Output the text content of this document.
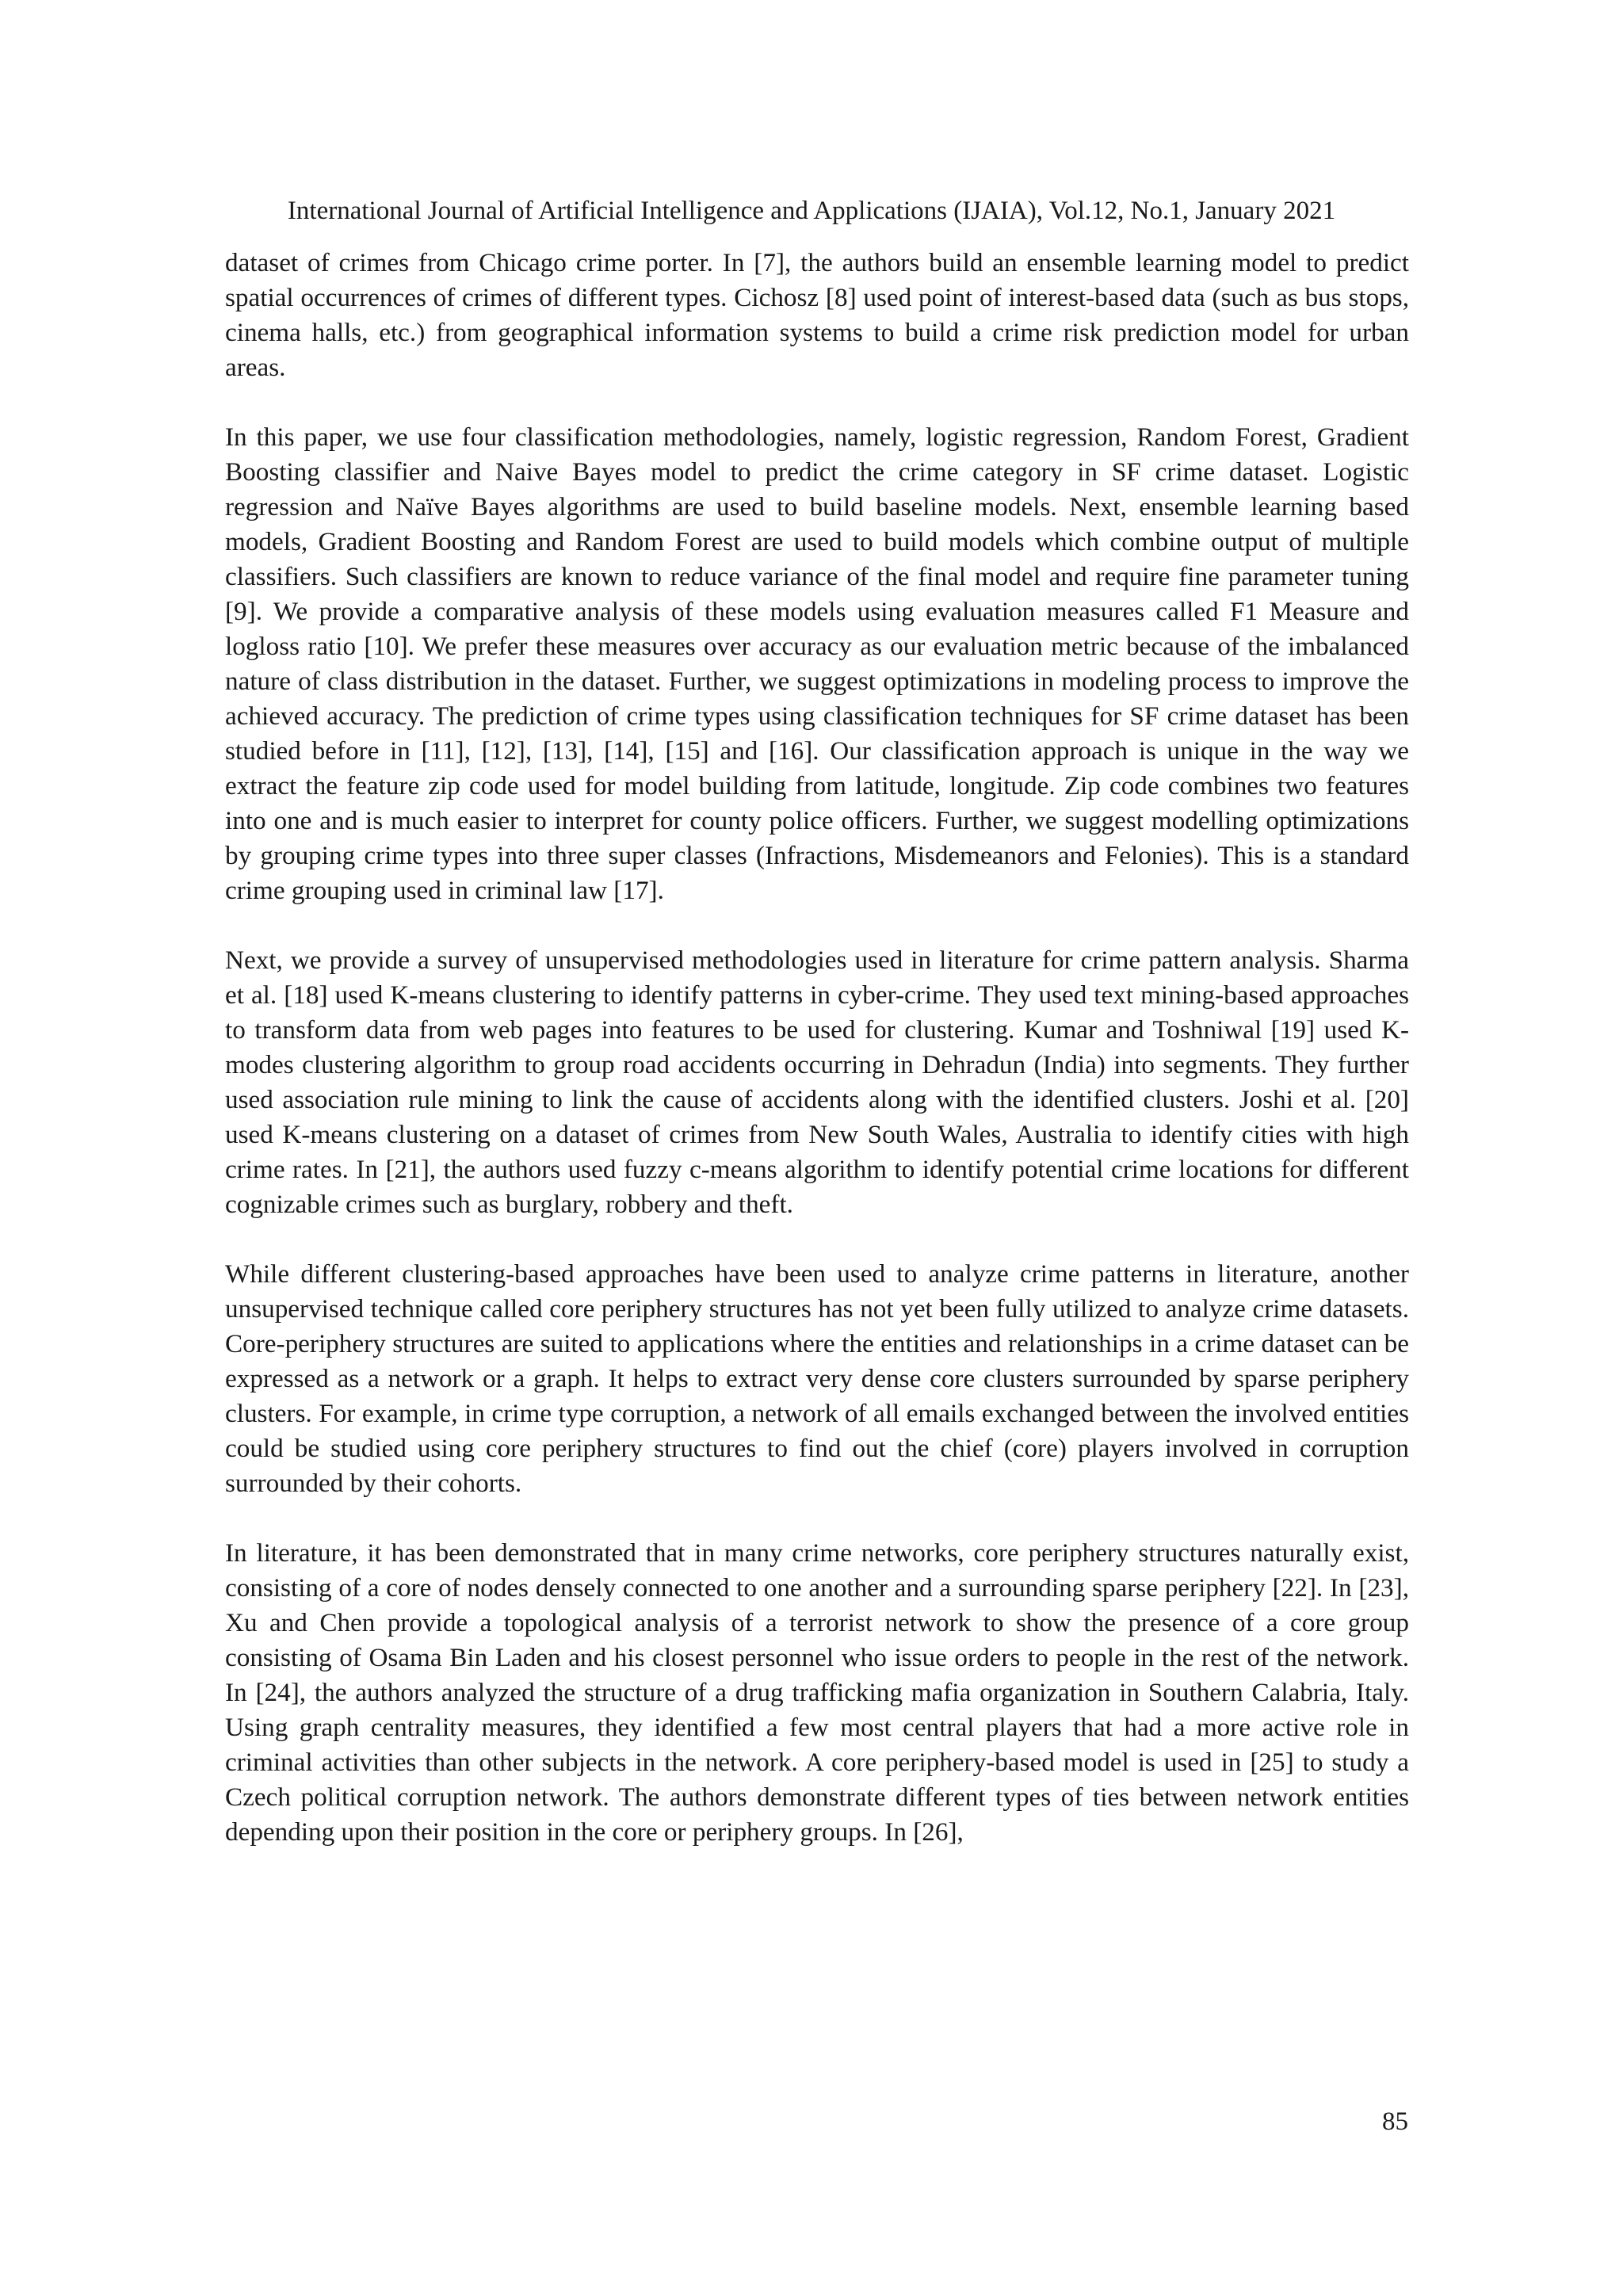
International Journal of Artificial Intelligence and Applications (IJAIA), Vol.12, No.1, January 2021

dataset of crimes from Chicago crime porter. In [7], the authors build an ensemble learning model to predict spatial occurrences of crimes of different types. Cichosz [8] used point of interest-based data (such as bus stops, cinema halls, etc.) from geographical information systems to build a crime risk prediction model for urban areas.

In this paper, we use four classification methodologies, namely, logistic regression, Random Forest, Gradient Boosting classifier and Naive Bayes model to predict the crime category in SF crime dataset. Logistic regression and Naïve Bayes algorithms are used to build baseline models. Next, ensemble learning based models, Gradient Boosting and Random Forest are used to build models which combine output of multiple classifiers. Such classifiers are known to reduce variance of the final model and require fine parameter tuning [9]. We provide a comparative analysis of these models using evaluation measures called F1 Measure and logloss ratio [10]. We prefer these measures over accuracy as our evaluation metric because of the imbalanced nature of class distribution in the dataset. Further, we suggest optimizations in modeling process to improve the achieved accuracy. The prediction of crime types using classification techniques for SF crime dataset has been studied before in [11], [12], [13], [14], [15] and [16]. Our classification approach is unique in the way we extract the feature zip code used for model building from latitude, longitude. Zip code combines two features into one and is much easier to interpret for county police officers. Further, we suggest modelling optimizations by grouping crime types into three super classes (Infractions, Misdemeanors and Felonies). This is a standard crime grouping used in criminal law [17].

Next, we provide a survey of unsupervised methodologies used in literature for crime pattern analysis. Sharma et al. [18] used K-means clustering to identify patterns in cyber-crime. They used text mining-based approaches to transform data from web pages into features to be used for clustering. Kumar and Toshniwal [19] used K-modes clustering algorithm to group road accidents occurring in Dehradun (India) into segments. They further used association rule mining to link the cause of accidents along with the identified clusters. Joshi et al. [20] used K-means clustering on a dataset of crimes from New South Wales, Australia to identify cities with high crime rates. In [21], the authors used fuzzy c-means algorithm to identify potential crime locations for different cognizable crimes such as burglary, robbery and theft.

While different clustering-based approaches have been used to analyze crime patterns in literature, another unsupervised technique called core periphery structures has not yet been fully utilized to analyze crime datasets. Core-periphery structures are suited to applications where the entities and relationships in a crime dataset can be expressed as a network or a graph. It helps to extract very dense core clusters surrounded by sparse periphery clusters. For example, in crime type corruption, a network of all emails exchanged between the involved entities could be studied using core periphery structures to find out the chief (core) players involved in corruption surrounded by their cohorts.

In literature, it has been demonstrated that in many crime networks, core periphery structures naturally exist, consisting of a core of nodes densely connected to one another and a surrounding sparse periphery [22]. In [23], Xu and Chen provide a topological analysis of a terrorist network to show the presence of a core group consisting of Osama Bin Laden and his closest personnel who issue orders to people in the rest of the network. In [24], the authors analyzed the structure of a drug trafficking mafia organization in Southern Calabria, Italy. Using graph centrality measures, they identified a few most central players that had a more active role in criminal activities than other subjects in the network. A core periphery-based model is used in [25] to study a Czech political corruption network. The authors demonstrate different types of ties between network entities depending upon their position in the core or periphery groups. In [26],

85
